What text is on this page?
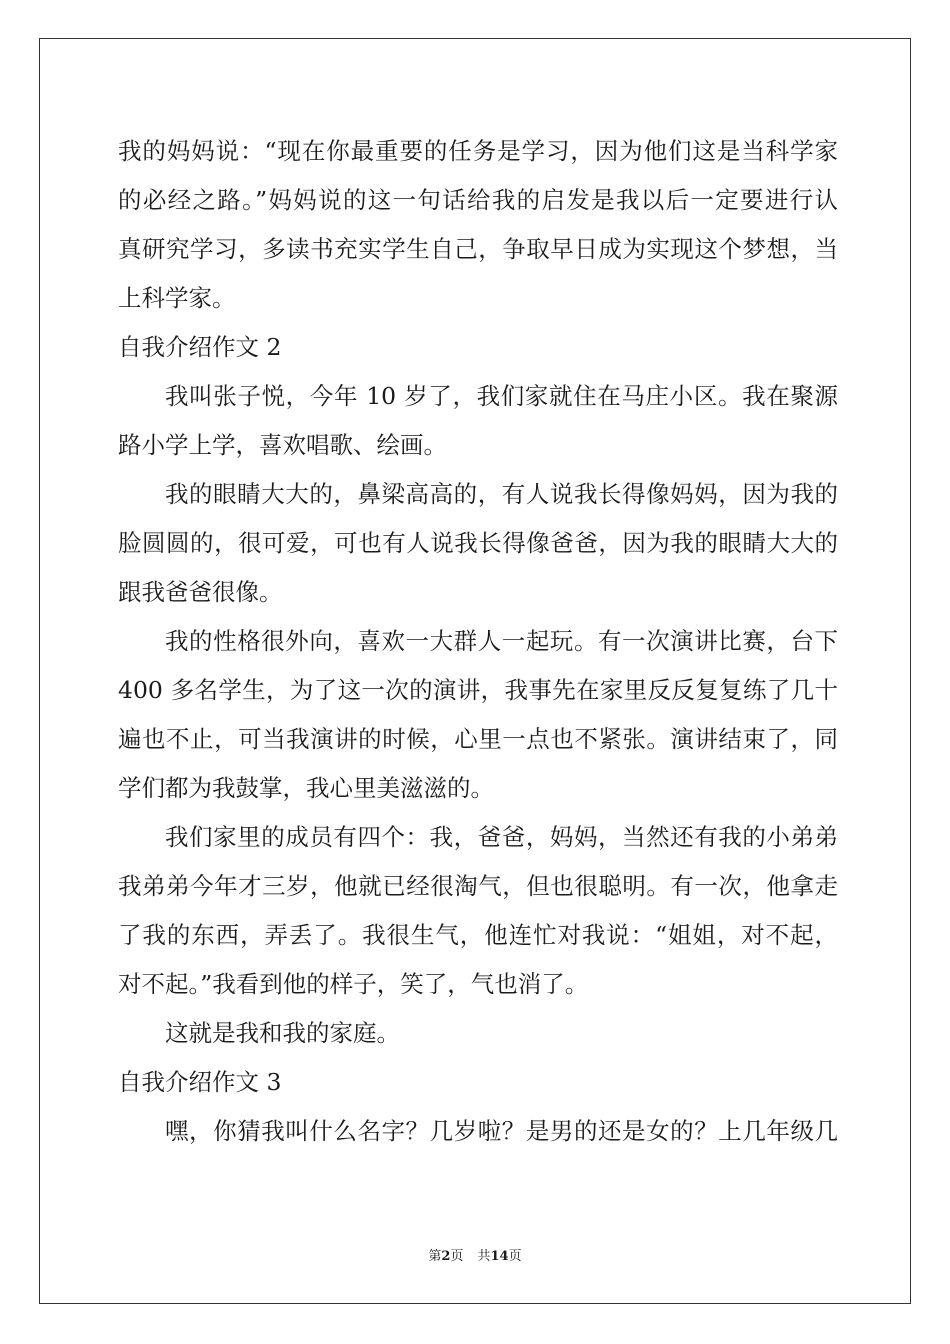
我的妈妈说：“现在你最重要的任务是学习，因为他们这是当科学家
的必经之路。”妈妈说的这一句话给我的启发是我以后一定要进行认
真研究学习，多读书充实学生自己，争取早日成为实现这个梦想，当
上科学家。
自我介绍作文 2
我叫张子悦，今年 10 岁了，我们家就住在马庄小区。我在聚源
路小学上学，喜欢唱歌、绘画。
我的眼睛大大的，鼻梁高高的，有人说我长得像妈妈，因为我的
脸圆圆的，很可爱，可也有人说我长得像爸爸，因为我的眼睛大大的
跟我爸爸很像。
我的性格很外向，喜欢一大群人一起玩。有一次演讲比赛，台下
400 多名学生，为了这一次的演讲，我事先在家里反反复复练了几十
遍也不止，可当我演讲的时候，心里一点也不紧张。演讲结束了，同
学们都为我鼓掌，我心里美滋滋的。
我们家里的成员有四个：我，爸爸，妈妈，当然还有我的小弟弟
我弟弟今年才三岁，他就已经很淘气，但也很聪明。有一次，他拿走
了我的东西，弄丢了。我很生气，他连忙对我说：“姐姐，对不起，
对不起。”我看到他的样子，笑了，气也消了。
这就是我和我的家庭。
自我介绍作文 3
嘿，你猜我叫什么名字？几岁啦？是男的还是女的？上几年级几
第2页 共14页
